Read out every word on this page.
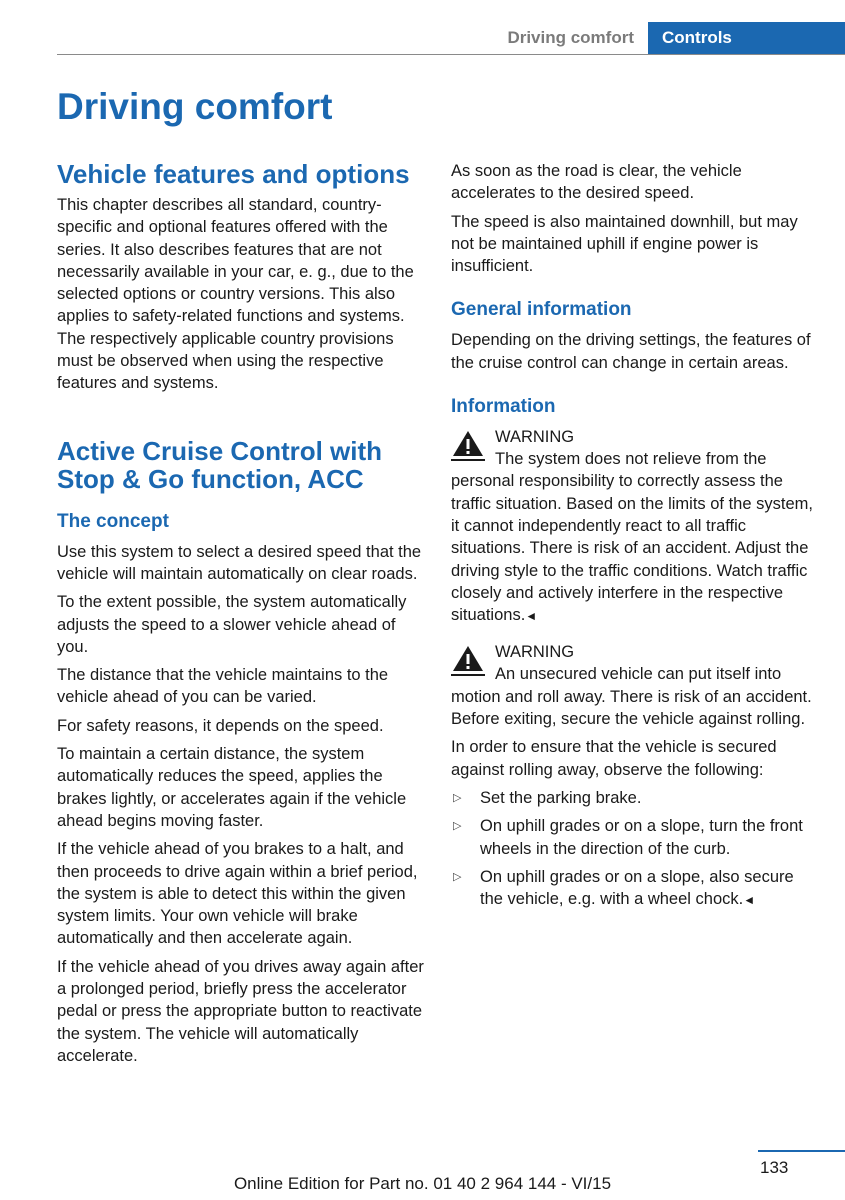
Driving comfort	Controls
Driving comfort
Vehicle features and options

This chapter describes all standard, country-specific and optional features offered with the series. It also describes features that are not necessarily available in your car, e. g., due to the selected options or country versions. This also applies to safety-related functions and systems. The respectively applicable country provisions must be observed when using the respective features and systems.

Active Cruise Control with Stop & Go function, ACC
The concept

Use this system to select a desired speed that the vehicle will maintain automatically on clear roads.

To the extent possible, the system automatically adjusts the speed to a slower vehicle ahead of you.

The distance that the vehicle maintains to the vehicle ahead of you can be varied.

For safety reasons, it depends on the speed.

To maintain a certain distance, the system automatically reduces the speed, applies the brakes lightly, or accelerates again if the vehicle ahead begins moving faster.

If the vehicle ahead of you brakes to a halt, and then proceeds to drive again within a brief period, the system is able to detect this within the given system limits. Your own vehicle will brake automatically and then accelerate again.

If the vehicle ahead of you drives away again after a prolonged period, briefly press the accelerator pedal or press the appropriate button to reactivate the system. The vehicle will automatically accelerate.

As soon as the road is clear, the vehicle accelerates to the desired speed.

The speed is also maintained downhill, but may not be maintained uphill if engine power is insufficient.

General information

Depending on the driving settings, the features of the cruise control can change in certain areas.

Information
WARNING

The system does not relieve from the personal responsibility to correctly assess the traffic situation. Based on the limits of the system, it cannot independently react to all traffic situations. There is risk of an accident. Adjust the driving style to the traffic conditions. Watch traffic closely and actively interfere in the respective situations.◄

WARNING

An unsecured vehicle can put itself into motion and roll away. There is risk of an accident. Before exiting, secure the vehicle against rolling.

In order to ensure that the vehicle is secured against rolling away, observe the following:

▷ Set the parking brake.
▷ On uphill grades or on a slope, turn the front wheels in the direction of the curb.
▷ On uphill grades or on a slope, also secure the vehicle, e.g. with a wheel chock.◄
133
Online Edition for Part no. 01 40 2 964 144 - VI/15
